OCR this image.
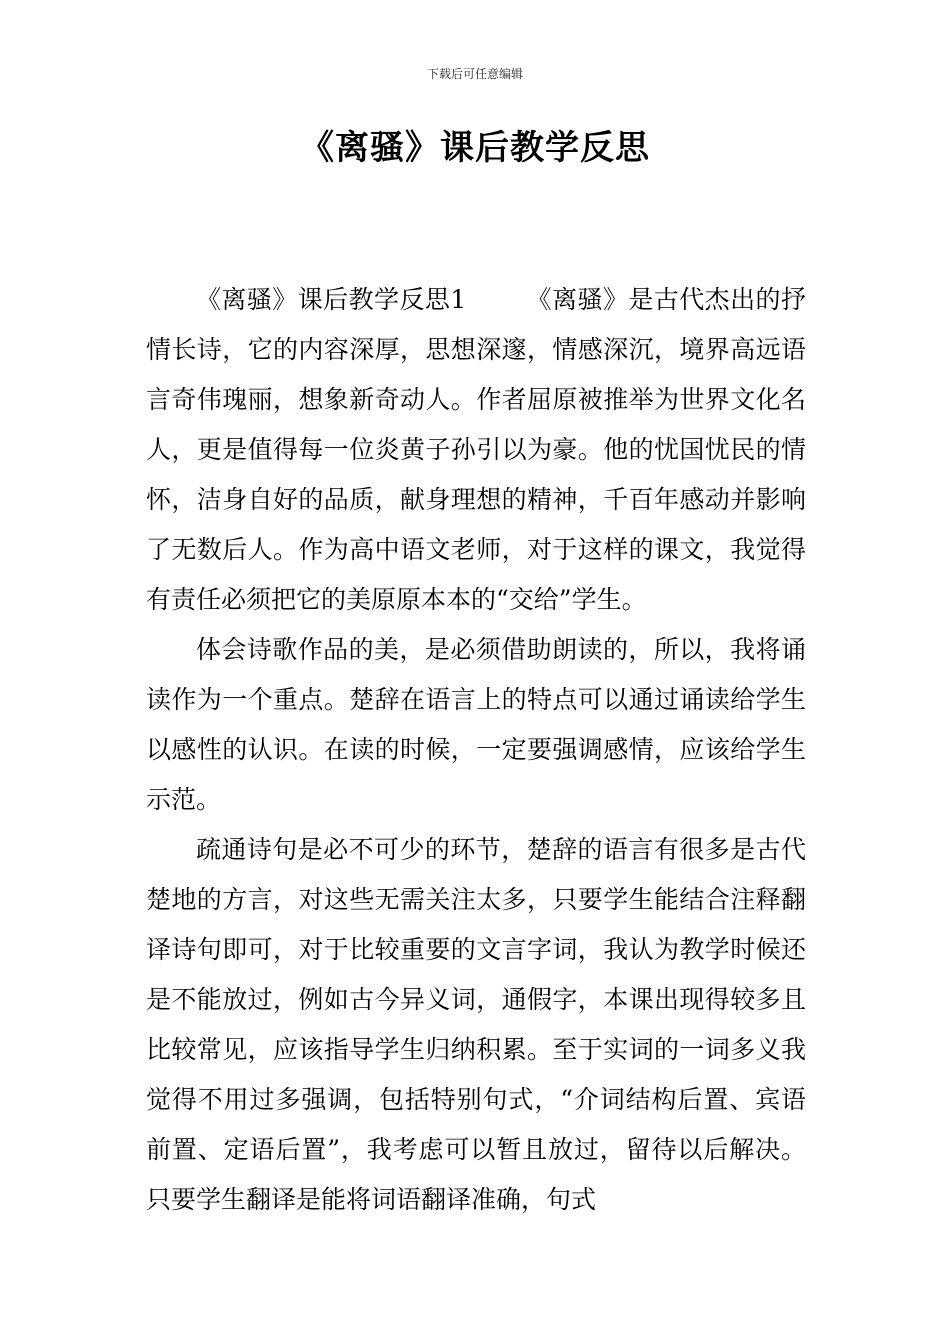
下载后可任意编辑
《离骚》课后教学反思

《离骚》课后教学反思1 《离骚》是古代杰出的抒情长诗，它的内容深厚，思想深邃，情感深沉，境界高远语言奇伟瑰丽，想象新奇动人。作者屈原被推举为世界文化名人，更是值得每一位炎黄子孙引以为豪。他的忧国忧民的情怀，洁身自好的品质，献身理想的精神，千百年感动并影响了无数后人。作为高中语文老师，对于这样的课文，我觉得有责任必须把它的美原原本本的“交给”学生。

体会诗歌作品的美，是必须借助朗读的，所以，我将诵读作为一个重点。楚辞在语言上的特点可以通过诵读给学生以感性的认识。在读的时候，一定要强调感情，应该给学生示范。

疏通诗句是必不可少的环节，楚辞的语言有很多是古代楚地的方言，对这些无需关注太多，只要学生能结合注释翻译诗句即可，对于比较重要的文言字词，我认为教学时候还是不能放过，例如古今异义词，通假字，本课出现得较多且比较常见，应该指导学生归纳积累。至于实词的一词多义我觉得不用过多强调，包括特别句式，“介词结构后置、宾语前置、定语后置”，我考虑可以暂且放过，留待以后解决。只要学生翻译是能将词语翻译准确，句式
